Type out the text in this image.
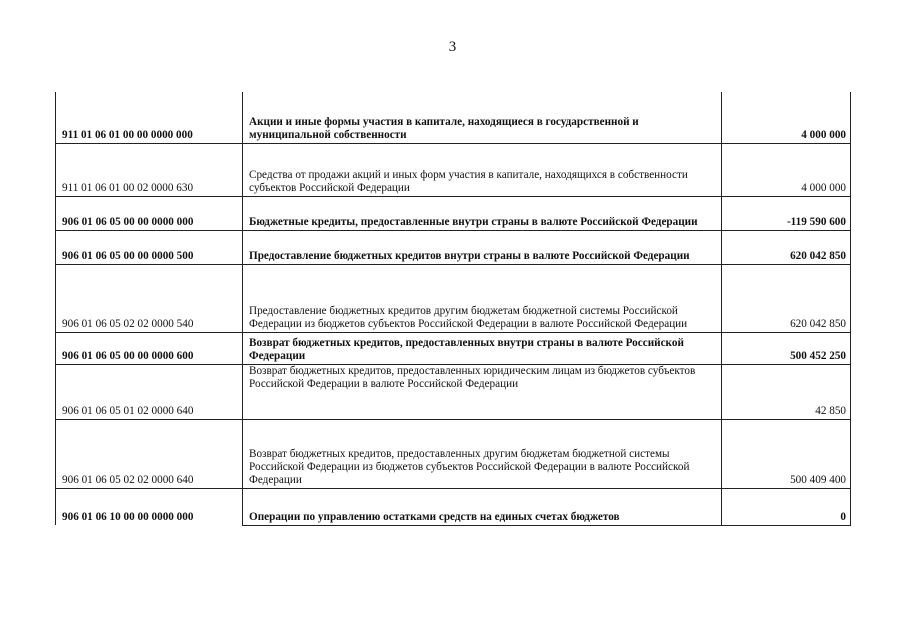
3
911 01 06 01 00 00 0000 000	Акции и иные формы участия в капитале, находящиеся в государственной и муниципальной собственности	4 000 000
911 01 06 01 00 02 0000 630	Средства от продажи акций и иных форм участия в капитале, находящихся в собственности субъектов Российской Федерации	4 000 000
906 01 06 05 00 00 0000 000	Бюджетные кредиты, предоставленные внутри страны в валюте Российской Федерации	-119 590 600
906 01 06 05 00 00 0000 500	Предоставление бюджетных кредитов внутри страны в валюте Российской Федерации	620 042 850
906 01 06 05 02 02 0000 540	Предоставление бюджетных кредитов другим бюджетам бюджетной системы Российской Федерации из бюджетов субъектов Российской Федерации в валюте Российской Федерации	620 042 850
906 01 06 05 00 00 0000 600	Возврат бюджетных кредитов, предоставленных внутри страны в валюте Российской Федерации	500 452 250
906 01 06 05 01 02 0000 640	Возврат бюджетных кредитов, предоставленных юридическим лицам из бюджетов субъектов Российской Федерации в валюте Российской Федерации	42 850
906 01 06 05 02 02 0000 640	Возврат бюджетных кредитов, предоставленных другим бюджетам бюджетной системы Российской Федерации из бюджетов субъектов Российской Федерации в валюте Российской Федерации	500 409 400
906 01 06 10 00 00 0000 000	Операции по управлению остатками средств на единых счетах бюджетов	0
